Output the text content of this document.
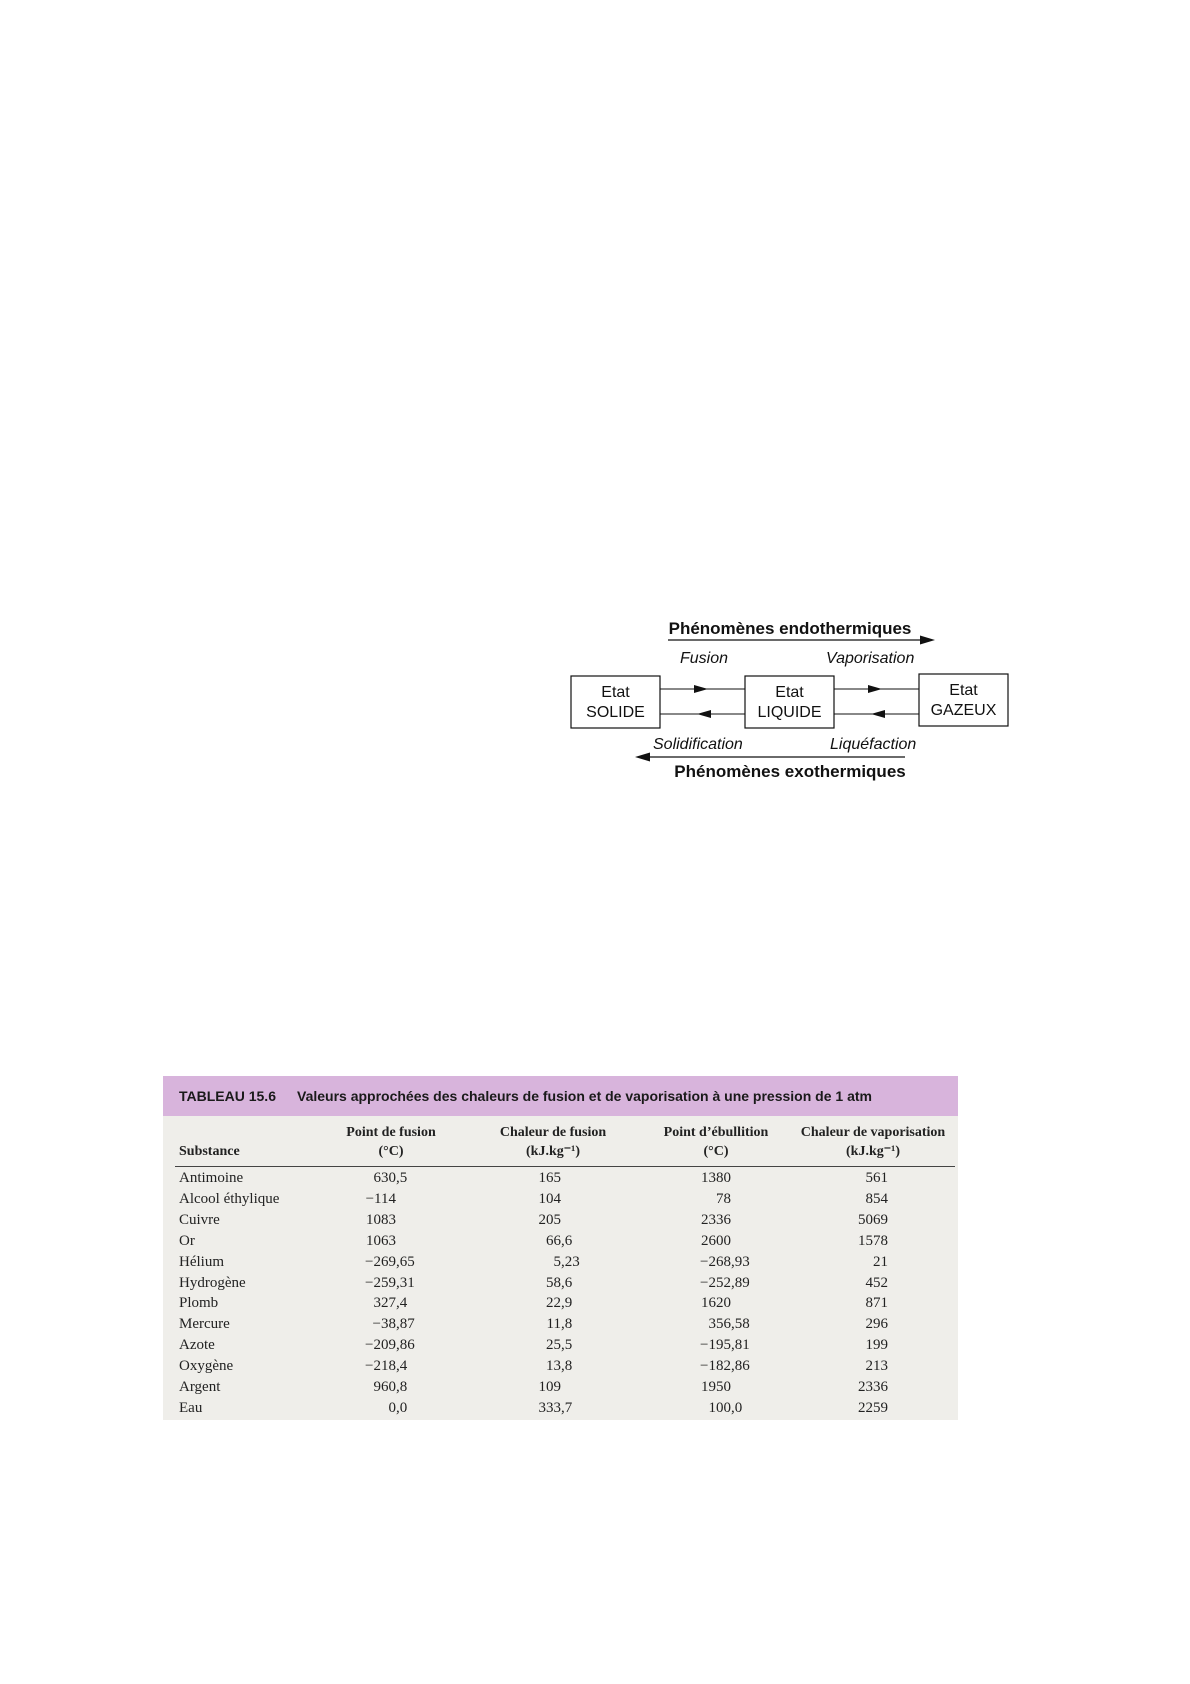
Phénomènes endothermiques
Fusion	Vaporisation
Etat
SOLIDE
Etat
LIQUIDE
Etat
GAZEUX
Solidification	Liquéfaction
Phénomènes exothermiques
TABLEAU 15.6 Valeurs approchées des chaleurs de fusion et de vaporisation à une pression de 1 atm
Substance
Point de fusion
(°C)
Chaleur de fusion
(kJ.kg⁻¹)
Point d’ébullition
(°C)
Chaleur de vaporisation
(kJ.kg⁻¹)
Antimoine	630,5	165	1380	561
Alcool éthylique	−114	104	78	854
Cuivre	1083	205	2336	5069
Or	1063	66,6	2600	1578
Hélium	−269,65	5,23	−268,93	21
Hydrogène	−259,31	58,6	−252,89	452
Plomb	327,4	22,9	1620	871
Mercure	−38,87	11,8	356,58	296
Azote	−209,86	25,5	−195,81	199
Oxygène	−218,4	13,8	−182,86	213
Argent	960,8	109	1950	2336
Eau	0,0	333,7	100,0	2259
